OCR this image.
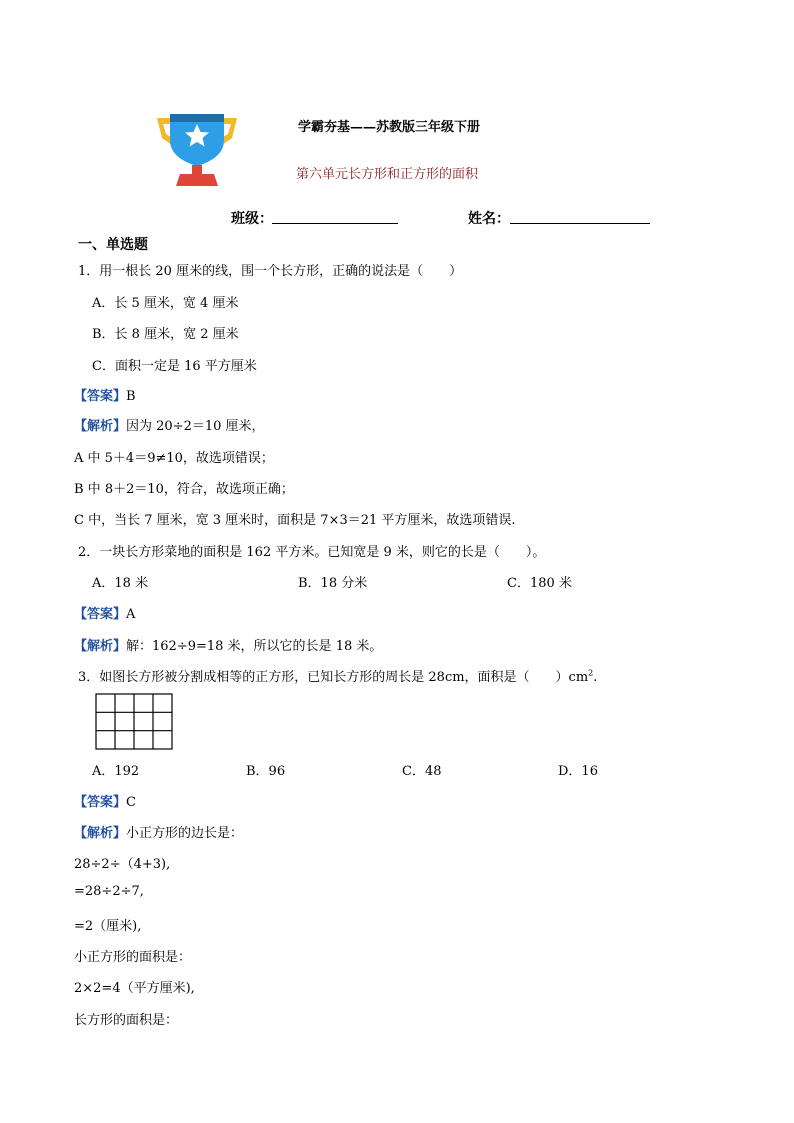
学霸夯基——苏教版三年级下册
第六单元长方形和正方形的面积
班级：	姓名：
一、单选题
1．用一根长 20 厘米的线，围一个长方形，正确的说法是（　　）
A．长 5 厘米，宽 4 厘米
B．长 8 厘米，宽 2 厘米
C．面积一定是 16 平方厘米
【答案】B
【解析】因为 20÷2＝10 厘米，
A 中 5＋4＝9≠10，故选项错误；
B 中 8＋2＝10，符合，故选项正确；
C 中，当长 7 厘米，宽 3 厘米时，面积是 7×3＝21 平方厘米，故选项错误.
2．一块长方形菜地的面积是 162 平方米。已知宽是 9 米，则它的长是（　　）。
A．18 米	B．18 分米	C．180 米
【答案】A
【解析】解：162÷9=18 米，所以它的长是 18 米。
3．如图长方形被分割成相等的正方形，已知长方形的周长是 28cm，面积是（　　）$cm^2$.
A．192	B．96	C．48	D．16
【答案】C
【解析】小正方形的边长是：
28÷2÷（4+3),
=28÷2÷7,
=2（厘米),
小正方形的面积是：
2×2=4（平方厘米),
长方形的面积是：
